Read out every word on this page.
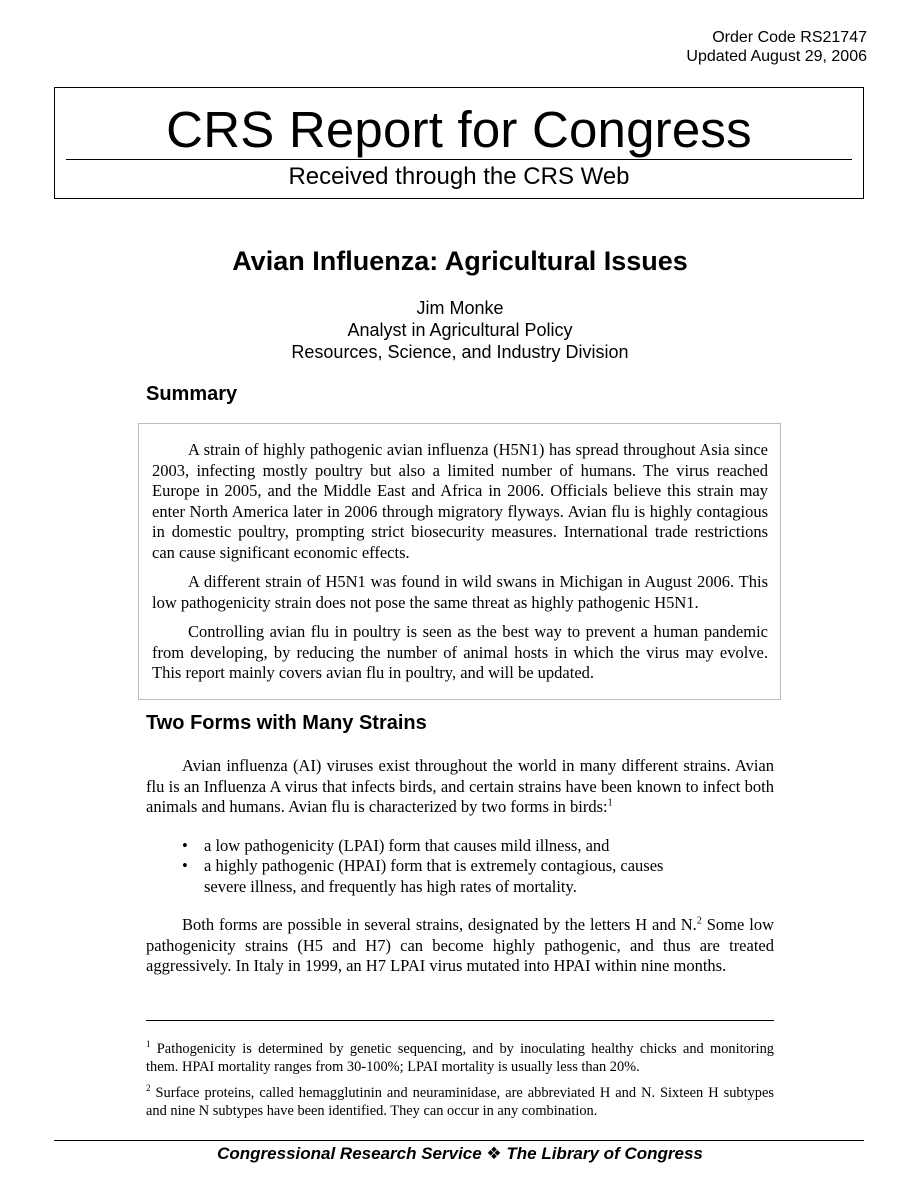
Order Code RS21747
Updated August 29, 2006
CRS Report for Congress
Received through the CRS Web
Avian Influenza: Agricultural Issues
Jim Monke
Analyst in Agricultural Policy
Resources, Science, and Industry Division
Summary

A strain of highly pathogenic avian influenza (H5N1) has spread throughout Asia since 2003, infecting mostly poultry but also a limited number of humans. The virus reached Europe in 2005, and the Middle East and Africa in 2006. Officials believe this strain may enter North America later in 2006 through migratory flyways. Avian flu is highly contagious in domestic poultry, prompting strict biosecurity measures. International trade restrictions can cause significant economic effects.

A different strain of H5N1 was found in wild swans in Michigan in August 2006. This low pathogenicity strain does not pose the same threat as highly pathogenic H5N1.

Controlling avian flu in poultry is seen as the best way to prevent a human pandemic from developing, by reducing the number of animal hosts in which the virus may evolve. This report mainly covers avian flu in poultry, and will be updated.

Two Forms with Many Strains

Avian influenza (AI) viruses exist throughout the world in many different strains. Avian flu is an Influenza A virus that infects birds, and certain strains have been known to infect both animals and humans. Avian flu is characterized by two forms in birds:$^1$

• a low pathogenicity (LPAI) form that causes mild illness, and
• a highly pathogenic (HPAI) form that is extremely contagious, causes severe illness, and frequently has high rates of mortality.

Both forms are possible in several strains, designated by the letters H and N.$^2$ Some low pathogenicity strains (H5 and H7) can become highly pathogenic, and thus are treated aggressively. In Italy in 1999, an H7 LPAI virus mutated into HPAI within nine months.

$^1$ Pathogenicity is determined by genetic sequencing, and by inoculating healthy chicks and monitoring them. HPAI mortality ranges from 30-100%; LPAI mortality is usually less than 20%.

$^2$ Surface proteins, called hemagglutinin and neuraminidase, are abbreviated H and N. Sixteen H subtypes and nine N subtypes have been identified. They can occur in any combination.

Congressional Research Service ❖ The Library of Congress
